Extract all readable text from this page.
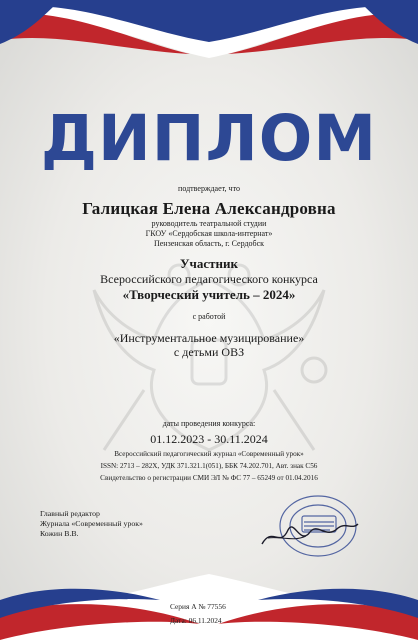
ДИПЛОМ
подтверждает, что
Галицкая Елена Александровна
руководитель театральной студии
ГКОУ «Сердобская школа-интернат»
Пензенская область, г. Сердобск
Участник
Всероссийского педагогического конкурса
«Творческий учитель – 2024»
с работой
«Инструментальное музицирование»
с детьми ОВЗ
даты проведения конкурса:
01.12.2023 - 30.11.2024
Всероссийский педагогический журнал «Современный урок»
ISSN: 2713 – 282X, УДК 371.321.1(051), ББК 74.202.701, Авт. знак С56
Свидетельство о регистрации СМИ ЭЛ № ФС 77 – 65249 от 01.04.2016
Главный редактор
Журнала «Современный урок»
Кожин В.В.
Серия А № 77556
Дата: 06.11.2024
